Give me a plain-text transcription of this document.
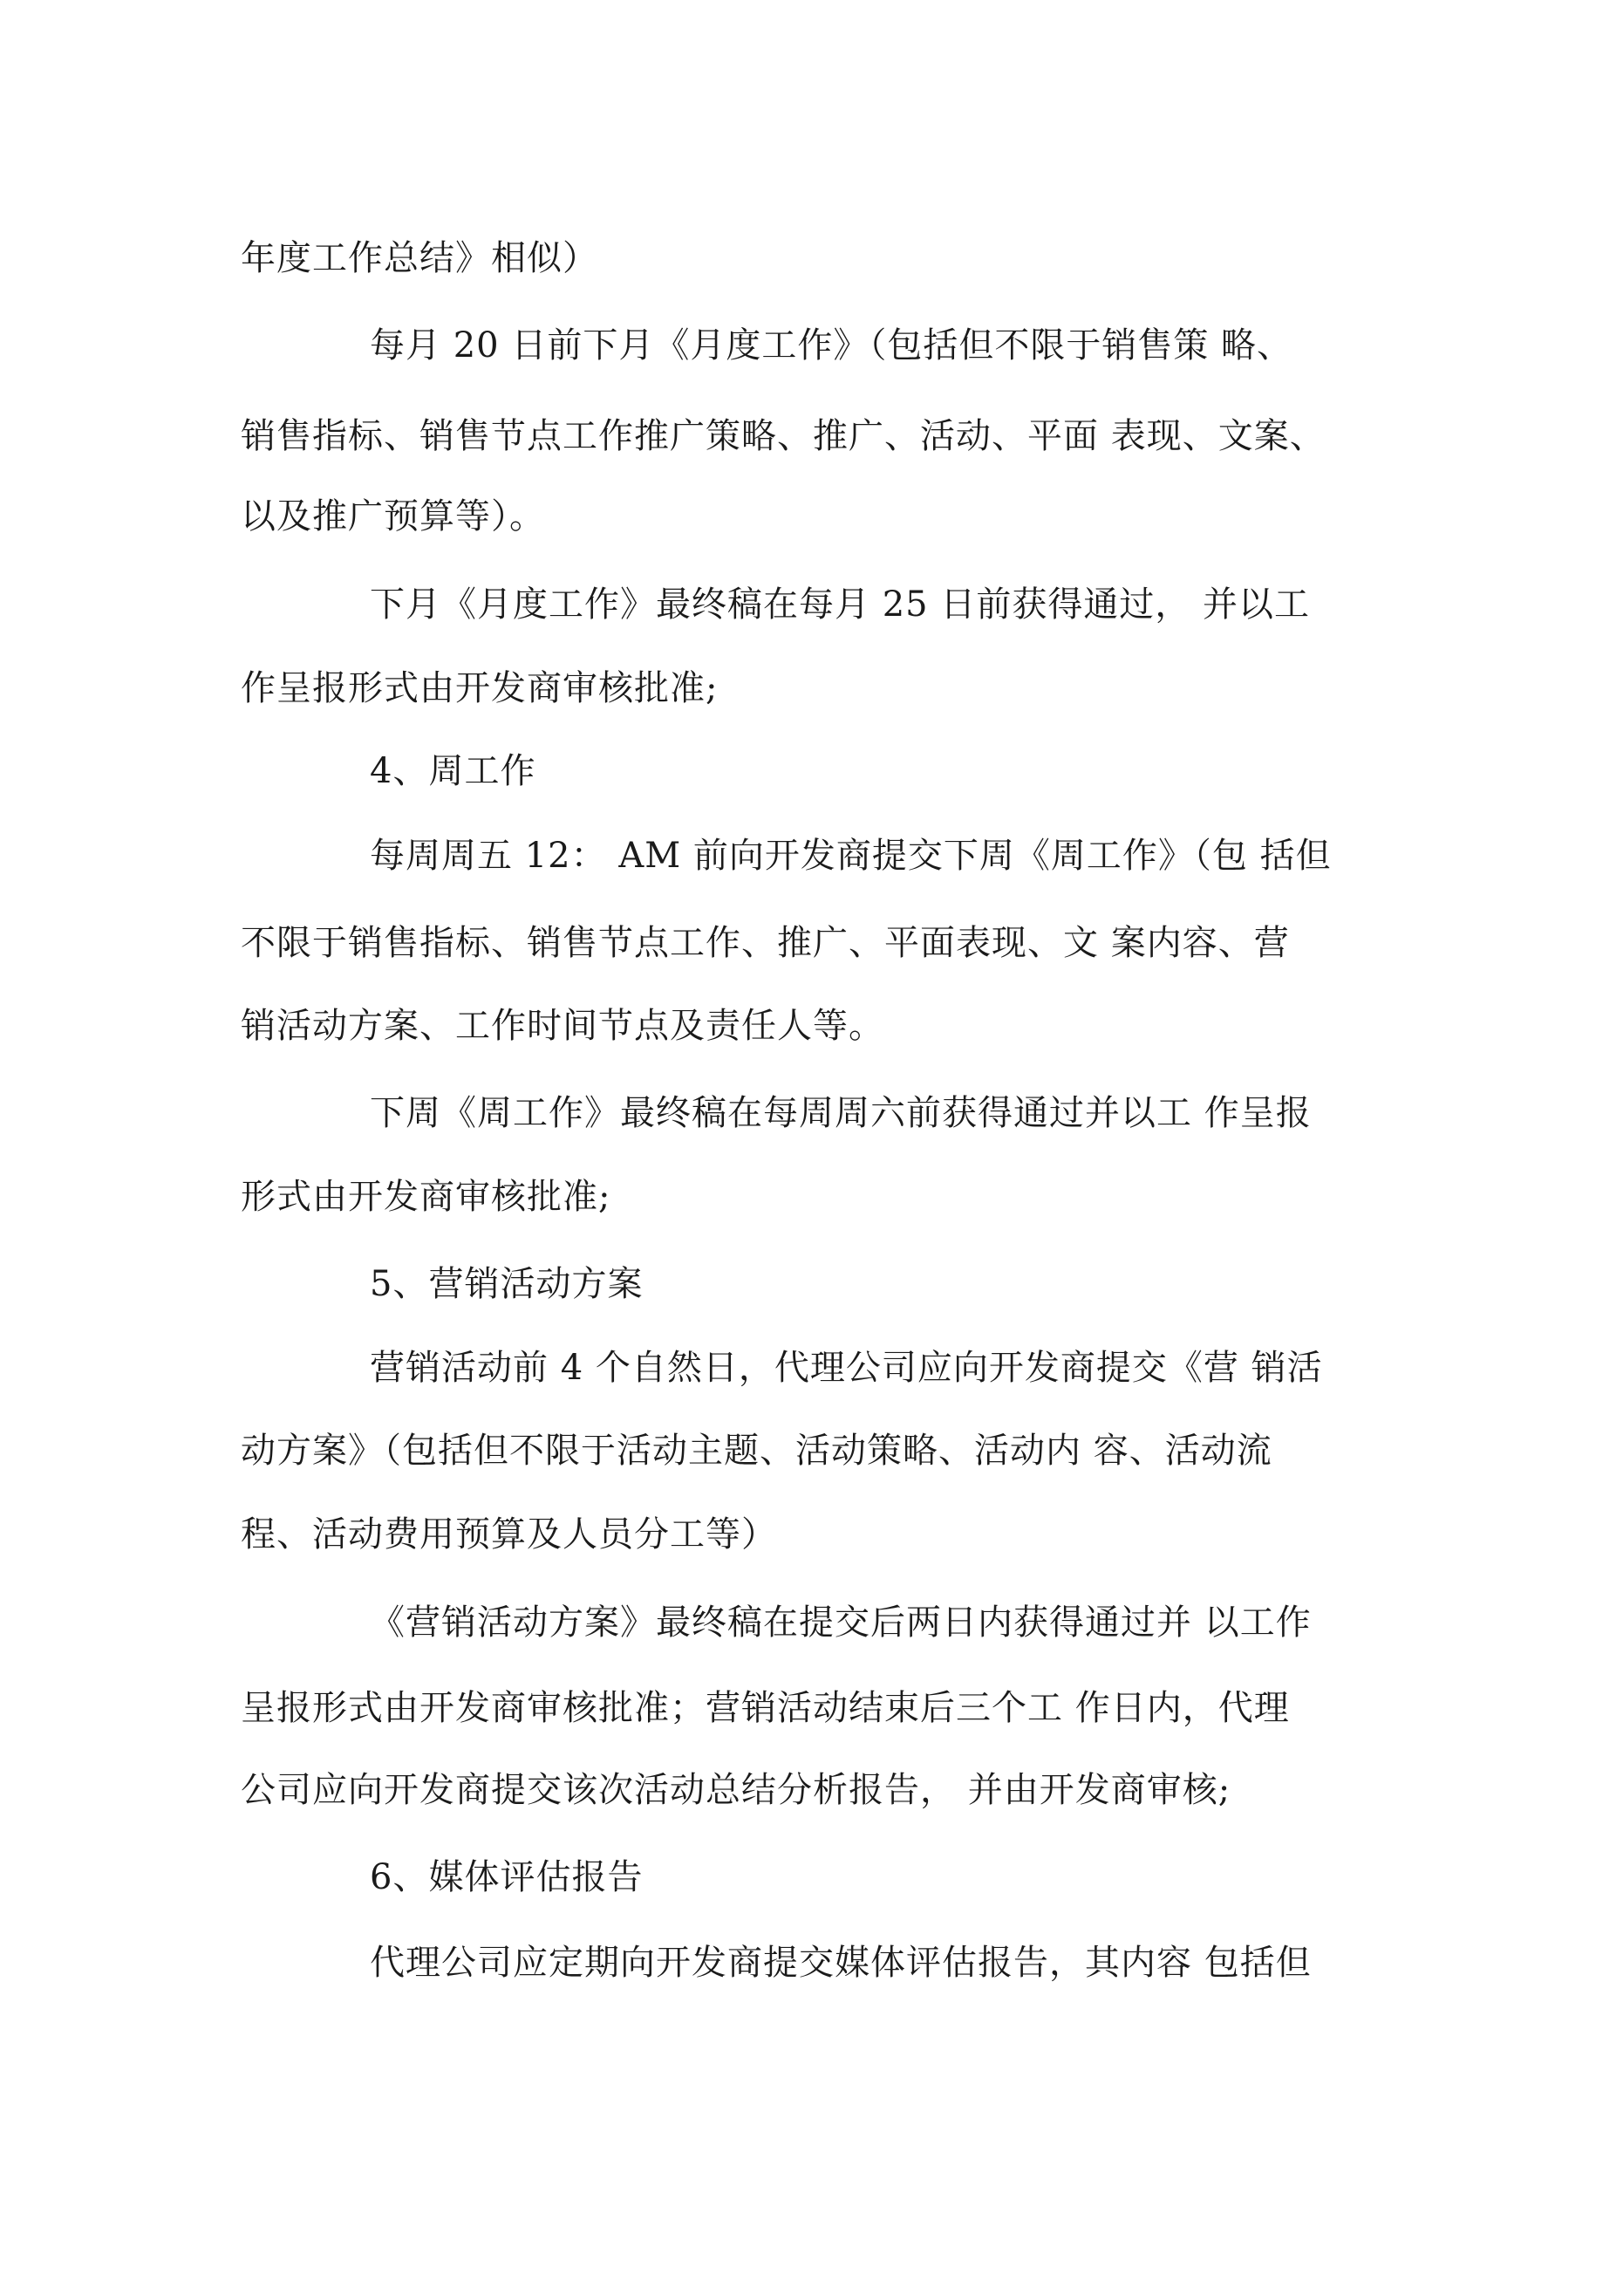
年度工作总结》相似）
每月 20 日前下月《月度工作》（包括但不限于销售策 略、
销售指标、销售节点工作推广策略、推广、活动、平面 表现、文案、
以及推广预算等）。
下月《月度工作》最终稿在每月 25 日前获得通过， 并以工
作呈报形式由开发商审核批准;
4、周工作
每周周五 12： AM 前向开发商提交下周《周工作》（包 括但
不限于销售指标、销售节点工作、推广、平面表现、文 案内容、营
销活动方案、工作时间节点及责任人等。
下周《周工作》最终稿在每周周六前获得通过并以工 作呈报
形式由开发商审核批准;
5、营销活动方案
营销活动前 4 个自然日，代理公司应向开发商提交《营 销活
动方案》（包括但不限于活动主题、活动策略、活动内 容、活动流
程、活动费用预算及人员分工等）
《营销活动方案》最终稿在提交后两日内获得通过并 以工作
呈报形式由开发商审核批准；营销活动结束后三个工 作日内，代理
公司应向开发商提交该次活动总结分析报告， 并由开发商审核;
6、媒体评估报告
代理公司应定期向开发商提交媒体评估报告，其内容 包括但
